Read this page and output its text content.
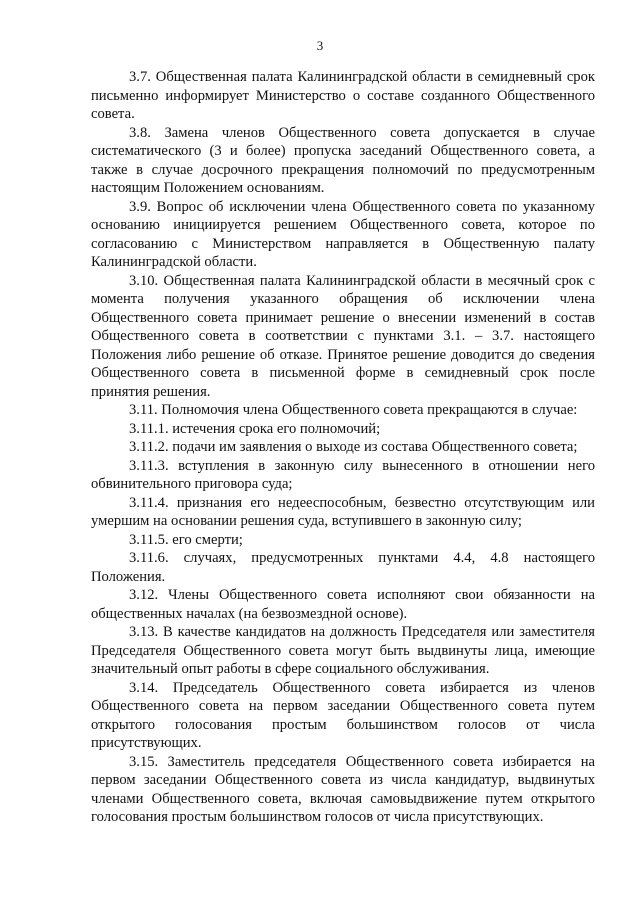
3

3.7. Общественная палата Калининградской области в семидневный срок письменно информирует Министерство о составе созданного Общественного совета.

3.8. Замена членов Общественного совета допускается в случае систематического (3 и более) пропуска заседаний Общественного совета, а также в случае досрочного прекращения полномочий по предусмотренным настоящим Положением основаниям.

3.9. Вопрос об исключении члена Общественного совета по указанному основанию инициируется решением Общественного совета, которое по согласованию с Министерством направляется в Общественную палату Калининградской области.

3.10. Общественная палата Калининградской области в месячный срок с момента получения указанного обращения об исключении члена Общественного совета принимает решение о внесении изменений в состав Общественного совета в соответствии с пунктами 3.1. – 3.7. настоящего Положения либо решение об отказе. Принятое решение доводится до сведения Общественного совета в письменной форме в семидневный срок после принятия решения.

3.11. Полномочия члена Общественного совета прекращаются в случае:

3.11.1. истечения срока его полномочий;

3.11.2. подачи им заявления о выходе из состава Общественного совета;

3.11.3. вступления в законную силу вынесенного в отношении него обвинительного приговора суда;

3.11.4. признания его недееспособным, безвестно отсутствующим или умершим на основании решения суда, вступившего в законную силу;

3.11.5. его смерти;

3.11.6. случаях, предусмотренных пунктами 4.4, 4.8 настоящего Положения.

3.12. Члены Общественного совета исполняют свои обязанности на общественных началах (на безвозмездной основе).

3.13. В качестве кандидатов на должность Председателя или заместителя Председателя Общественного совета могут быть выдвинуты лица, имеющие значительный опыт работы в сфере социального обслуживания.

3.14. Председатель Общественного совета избирается из членов Общественного совета на первом заседании Общественного совета путем открытого голосования простым большинством голосов от числа присутствующих.

3.15. Заместитель председателя Общественного совета избирается на первом заседании Общественного совета из числа кандидатур, выдвинутых членами Общественного совета, включая самовыдвижение путем открытого голосования простым большинством голосов от числа присутствующих.
